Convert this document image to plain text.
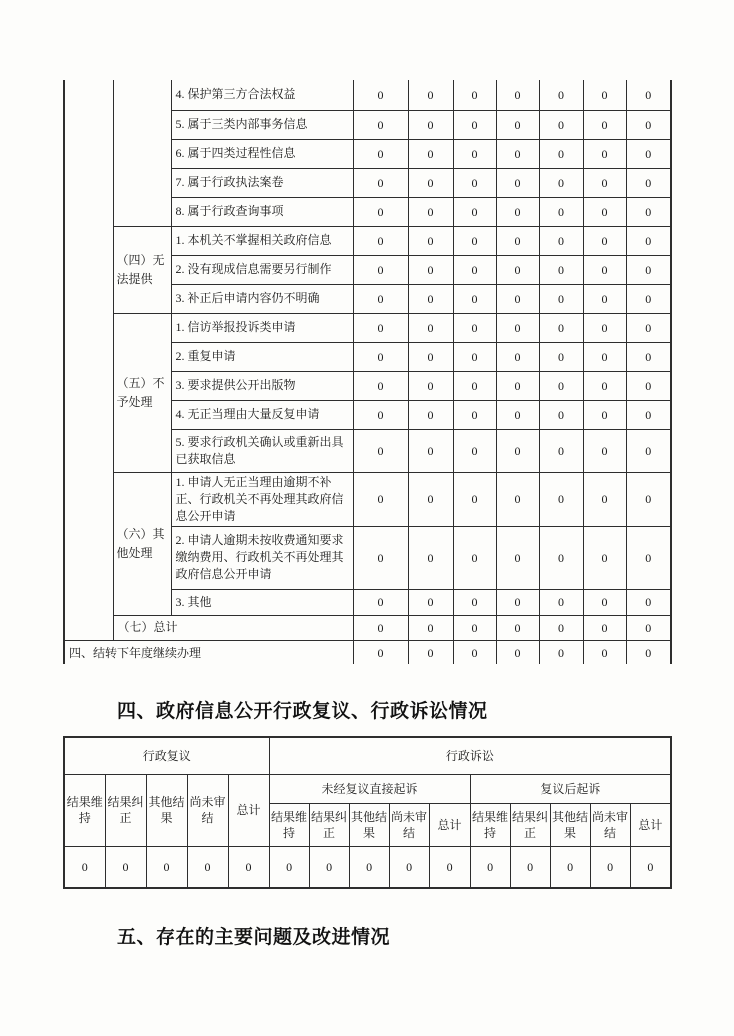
		4. 保护第三方合法权益	0	0	0	0	0	0	0
		5. 属于三类内部事务信息	0	0	0	0	0	0	0
		6. 属于四类过程性信息	0	0	0	0	0	0	0
		7. 属于行政执法案卷	0	0	0	0	0	0	0
		8. 属于行政查询事项	0	0	0	0	0	0	0
	（四）无法提供	1. 本机关不掌握相关政府信息	0	0	0	0	0	0	0
		2. 没有现成信息需要另行制作	0	0	0	0	0	0	0
		3. 补正后申请内容仍不明确	0	0	0	0	0	0	0
	（五）不予处理	1. 信访举报投诉类申请	0	0	0	0	0	0	0
		2. 重复申请	0	0	0	0	0	0	0
		3. 要求提供公开出版物	0	0	0	0	0	0	0
		4. 无正当理由大量反复申请	0	0	0	0	0	0	0
		5. 要求行政机关确认或重新出具已获取信息	0	0	0	0	0	0	0
	（六）其他处理	1. 申请人无正当理由逾期不补正、行政机关不再处理其政府信息公开申请	0	0	0	0	0	0	0
		2. 申请人逾期未按收费通知要求缴纳费用、行政机关不再处理其政府信息公开申请	0	0	0	0	0	0	0
		3. 其他	0	0	0	0	0	0	0
	（七）总计		0	0	0	0	0	0	0
四、结转下年度继续办理			0	0	0	0	0	0	0
四、政府信息公开行政复议、行政诉讼情况
行政复议					行政诉讼									
结果维持	结果纠正	其他结果	尚未审结	总计	未经复议直接起诉					复议后起诉				
					结果维持	结果纠正	其他结果	尚未审结	总计	结果维持	结果纠正	其他结果	尚未审结	总计
0	0	0	0	0	0	0	0	0	0	0	0	0	0	0
五、存在的主要问题及改进情况
